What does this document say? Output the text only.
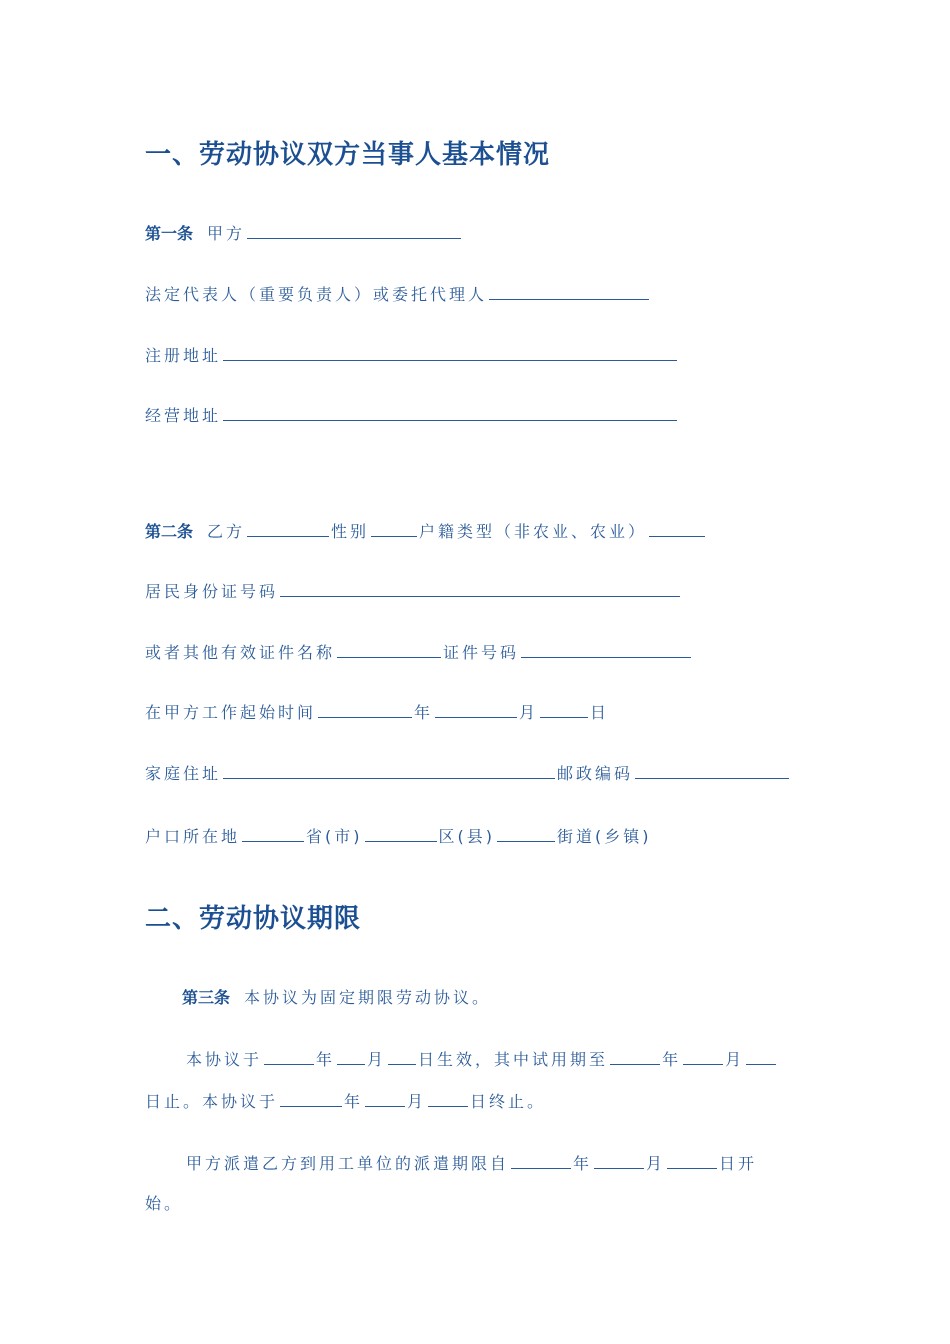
一、劳动协议双方当事人基本情况
第一条 甲方
法定代表人（重要负责人）或委托代理人
注册地址
经营地址
第二条 乙方	性别	户籍类型（非农业、农业）
居民身份证号码
或者其他有效证件名称	证件号码
在甲方工作起始时间	年	月	日
家庭住址	邮政编码
户口所在地	省(市)	区(县)	街道(乡镇)
二、劳动协议期限
第三条 本协议为固定期限劳动协议。
本协议于	年 月 日生效，其中试用期至	年	月
日止。本协议于	年	月	日终止。
甲方派遣乙方到用工单位的派遣期限自	年	月	日开
始。
